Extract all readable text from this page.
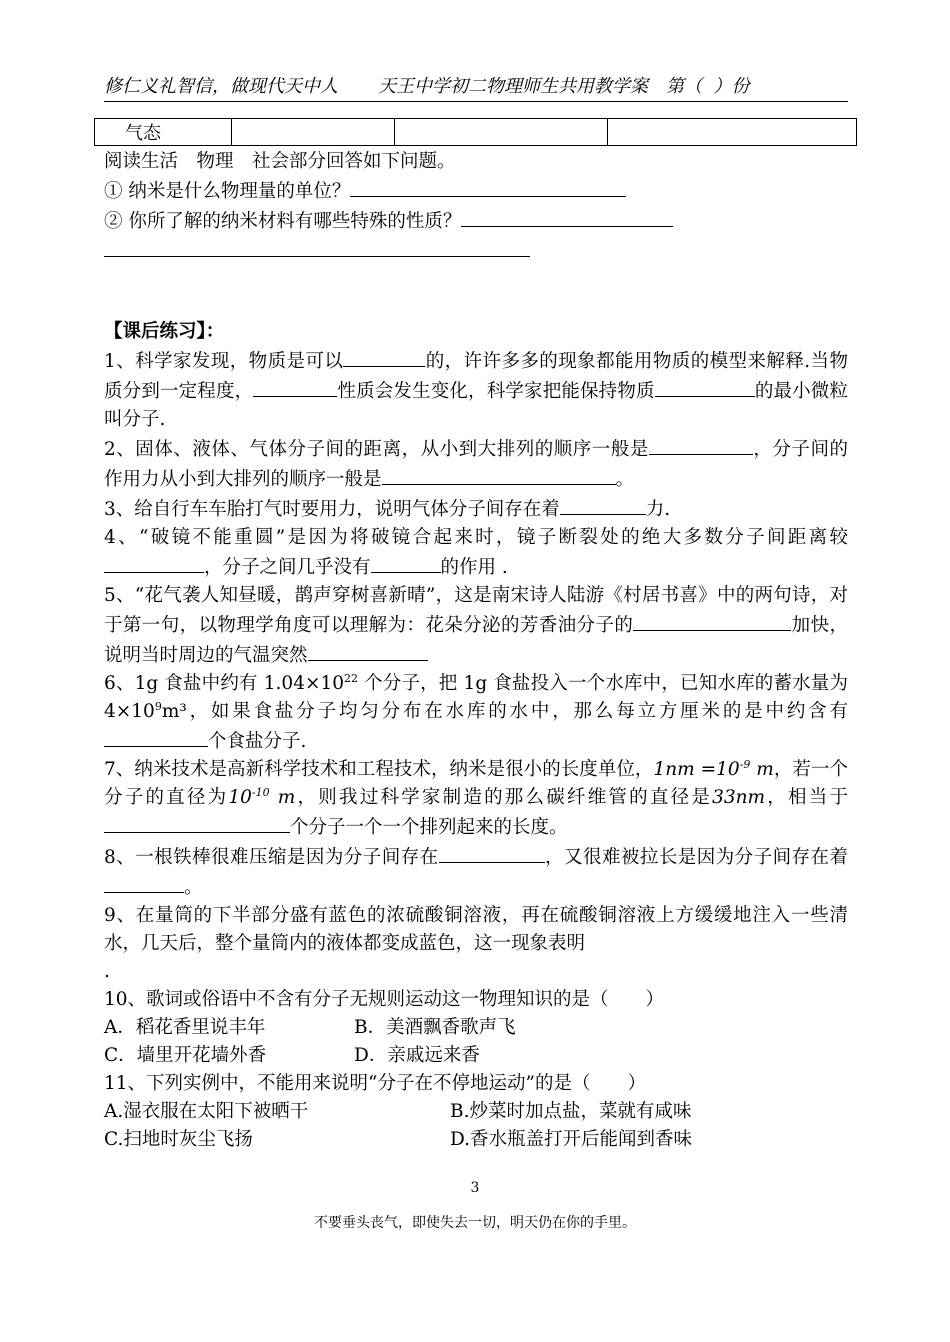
修仁义礼智信，做现代天中人 天王中学初二物理师生共用教学案　第（  ）份
气态			

阅读生活　物理　社会部分回答如下问题。

① 纳米是什么物理量的单位？

② 你所了解的纳米材料有哪些特殊的性质？

【课后练习】：

1、科学家发现，物质是可以	的，许许多多的现象都能用物质的模型来解释.当物质分到一定程度，	性质会发生变化，科学家把能保持物质	的最小微粒叫分子.

2、固体、液体、气体分子间的距离，从小到大排列的顺序一般是	，分子间的作用力从小到大排列的顺序一般是	。

3、给自行车车胎打气时要用力，说明气体分子间存在着	力.

4、“破镜不能重圆”是因为将破镜合起来时，镜子断裂处的绝大多数分子间距离较，分子之间几乎没有	的作用 .

5、“花气袭人知昼暖，鹊声穿树喜新晴”，这是南宋诗人陆游《村居书喜》中的两句诗，对于第一句，以物理学角度可以理解为：花朵分泌的芳香油分子的	加快，说明当时周边的气温突然

6、1g 食盐中约有 $1.04\times 10^{22}$ 个分子，把 1g 食盐投入一个水库中，已知水库的蓄水量为 $4\times 10^9m^3$，如果食盐分子均匀分布在水库的水中，那么每立方厘米的是中约含有个食盐分子.

7、纳米技术是高新科学技术和工程技术，纳米是很小的长度单位，$1nm =10^{-9}$ m，若一个分子的直径为$10^{-10}$ m，则我过科学家制造的那么碳纤维管的直径是33nm，相当于个分子一个一个排列起来的长度。

8、一根铁棒很难压缩是因为分子间存在	，又很难被拉长是因为分子间存在着。

9、在量筒的下半部分盛有蓝色的浓硫酸铜溶液，再在硫酸铜溶液上方缓缓地注入一些清水，几天后，整个量筒内的液体都变成蓝色，这一现象表明
.

10、歌词或俗语中不含有分子无规则运动这一物理知识的是（　　）

A．稻花香里说丰年	B．美酒飘香歌声飞
C．墙里开花墙外香	D．亲戚远来香

11、下列实例中，不能用来说明“分子在不停地运动”的是（　　）

A.湿衣服在太阳下被晒干	B.炒菜时加点盐，菜就有咸味
C.扫地时灰尘飞扬	D.香水瓶盖打开后能闻到香味
3
不要垂头丧气，即使失去一切，明天仍在你的手里。
